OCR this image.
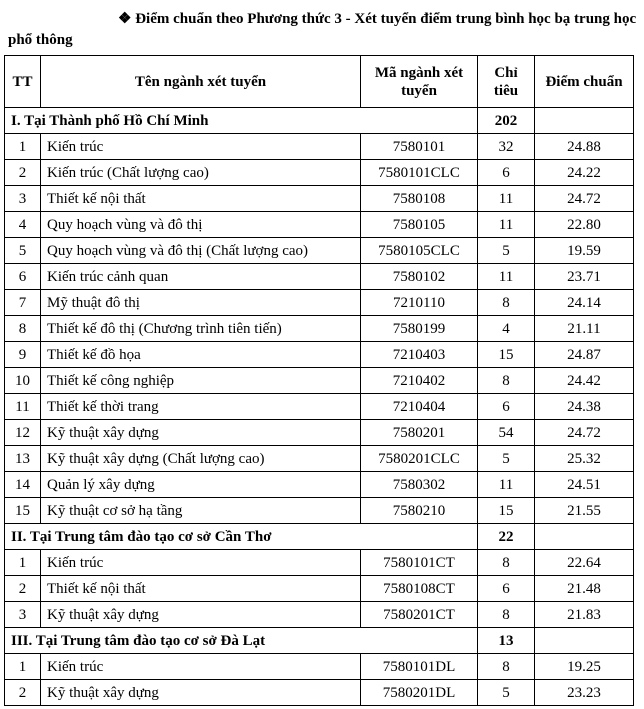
❖ Điểm chuẩn theo Phương thức 3 - Xét tuyển điểm trung bình học bạ trung học
phổ thông
TT	Tên ngành xét tuyển	Mã ngành xét tuyển	Chỉ tiêu	Điểm chuẩn
I. Tại Thành phố Hồ Chí Minh			202	
1	Kiến trúc	7580101	32	24.88
2	Kiến trúc (Chất lượng cao)	7580101CLC	6	24.22
3	Thiết kế nội thất	7580108	11	24.72
4	Quy hoạch vùng và đô thị	7580105	11	22.80
5	Quy hoạch vùng và đô thị (Chất lượng cao)	7580105CLC	5	19.59
6	Kiến trúc cảnh quan	7580102	11	23.71
7	Mỹ thuật đô thị	7210110	8	24.14
8	Thiết kế đô thị (Chương trình tiên tiến)	7580199	4	21.11
9	Thiết kế đồ họa	7210403	15	24.87
10	Thiết kế công nghiệp	7210402	8	24.42
11	Thiết kế thời trang	7210404	6	24.38
12	Kỹ thuật xây dựng	7580201	54	24.72
13	Kỹ thuật xây dựng (Chất lượng cao)	7580201CLC	5	25.32
14	Quản lý xây dựng	7580302	11	24.51
15	Kỹ thuật cơ sở hạ tầng	7580210	15	21.55
II. Tại Trung tâm đào tạo cơ sở Cần Thơ			22	
1	Kiến trúc	7580101CT	8	22.64
2	Thiết kế nội thất	7580108CT	6	21.48
3	Kỹ thuật xây dựng	7580201CT	8	21.83
III. Tại Trung tâm đào tạo cơ sở Đà Lạt			13	
1	Kiến trúc	7580101DL	8	19.25
2	Kỹ thuật xây dựng	7580201DL	5	23.23
